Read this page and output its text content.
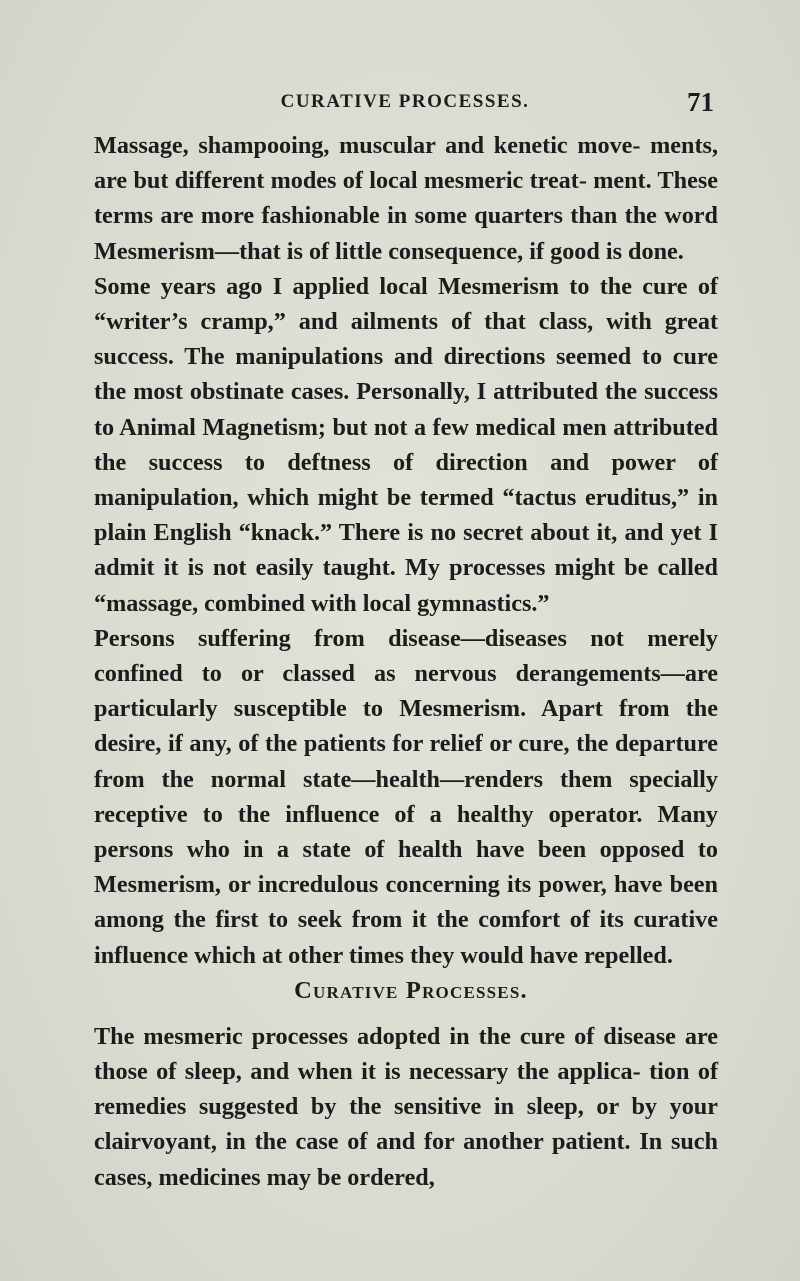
CURATIVE PROCESSES.	71

Massage, shampooing, muscular and kenetic move- ments, are but different modes of local mesmeric treat- ment. These terms are more fashionable in some quarters than the word Mesmerism—that is of little consequence, if good is done.

Some years ago I applied local Mesmerism to the cure of “writer’s cramp,” and ailments of that class, with great success. The manipulations and directions seemed to cure the most obstinate cases. Personally, I attributed the success to Animal Magnetism; but not a few medical men attributed the success to deftness of direction and power of manipulation, which might be termed “tactus eruditus,” in plain English “knack.” There is no secret about it, and yet I admit it is not easily taught. My processes might be called “massage, combined with local gymnastics.”

Persons suffering from disease—diseases not merely confined to or classed as nervous derangements—are particularly susceptible to Mesmerism. Apart from the desire, if any, of the patients for relief or cure, the departure from the normal state—health—renders them specially receptive to the influence of a healthy operator. Many persons who in a state of health have been opposed to Mesmerism, or incredulous concerning its power, have been among the first to seek from it the comfort of its curative influence which at other times they would have repelled.

Curative Processes.

The mesmeric processes adopted in the cure of disease are those of sleep, and when it is necessary the applica- tion of remedies suggested by the sensitive in sleep, or by your clairvoyant, in the case of and for another patient. In such cases, medicines may be ordered,
